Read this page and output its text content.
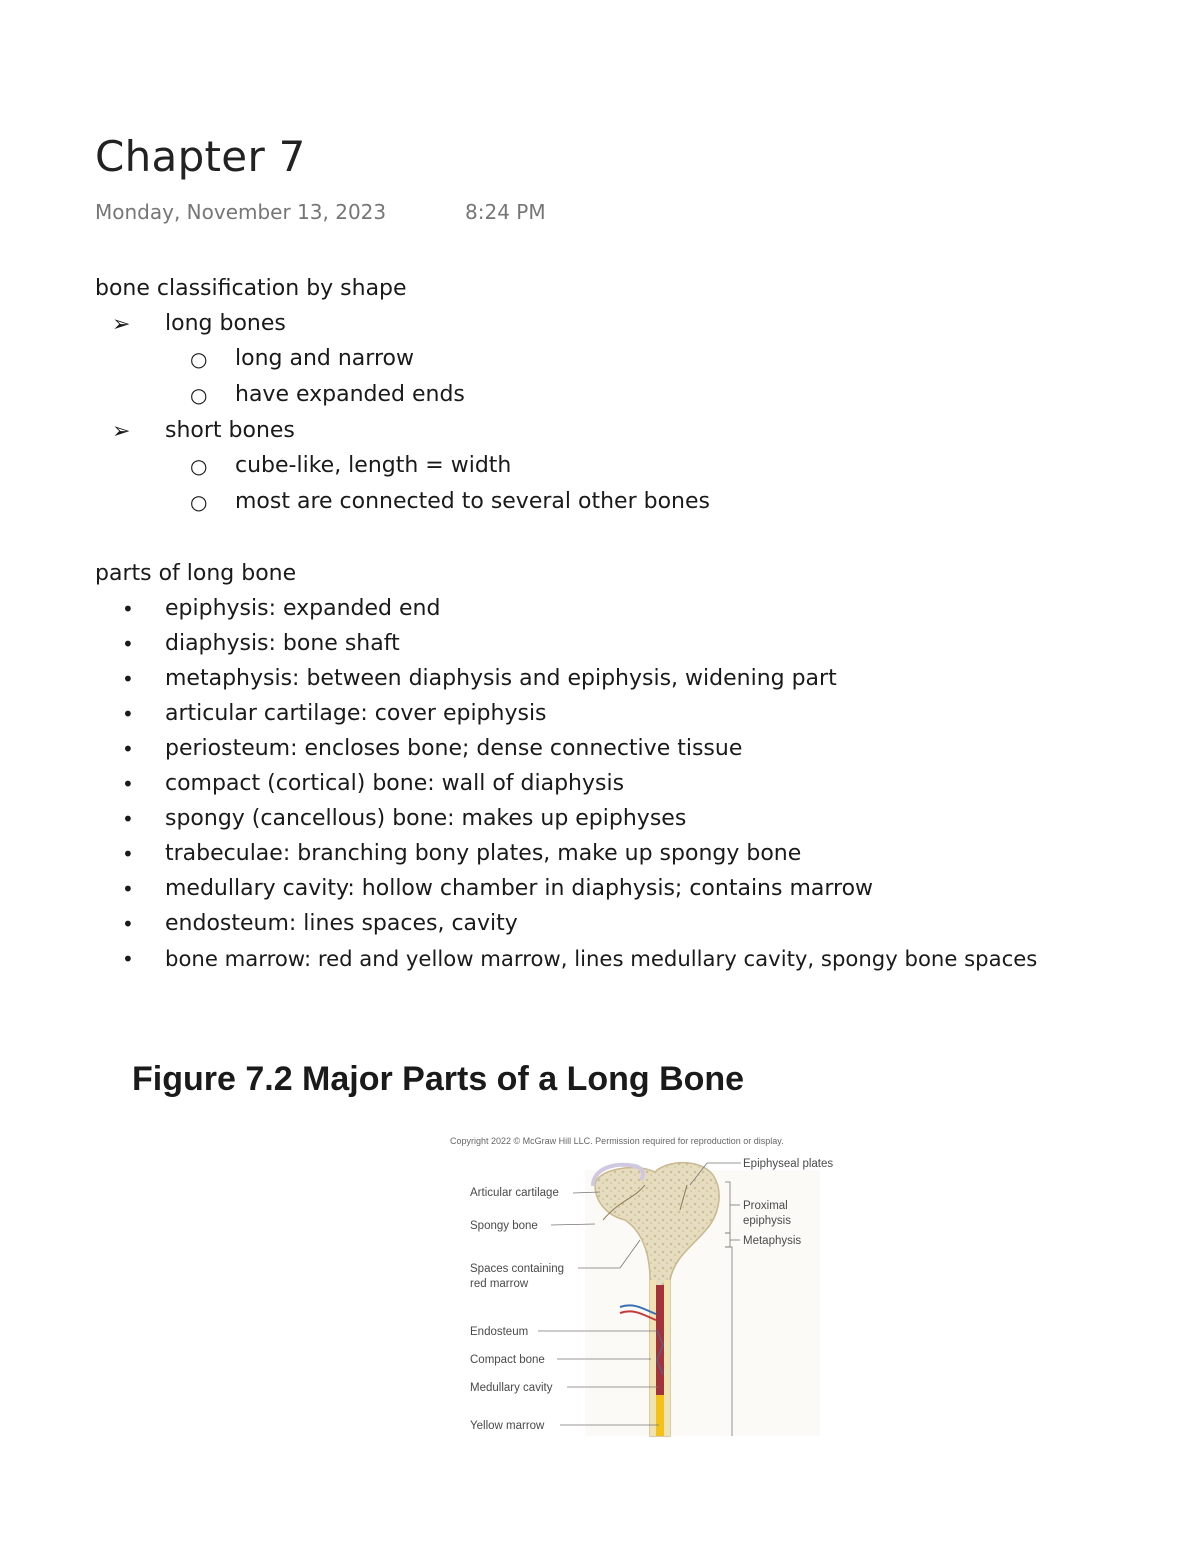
Chapter 7
Monday, November 13, 2023	8:24 PM

bone classification by shape

➢ long bones
○ long and narrow
○ have expanded ends
➢ short bones
○ cube-like, length = width
○ most are connected to several other bones

parts of long bone

• epiphysis: expanded end
• diaphysis: bone shaft
• metaphysis: between diaphysis and epiphysis, widening part
• articular cartilage: cover epiphysis
• periosteum: encloses bone; dense connective tissue
• compact (cortical) bone: wall of diaphysis
• spongy (cancellous) bone: makes up epiphyses
• trabeculae: branching bony plates, make up spongy bone
• medullary cavity: hollow chamber in diaphysis; contains marrow
• endosteum: lines spaces, cavity
• bone marrow: red and yellow marrow, lines medullary cavity, spongy bone spaces

Figure 7.2 Major Parts of a Long Bone

Copyright 2022 © McGraw Hill LLC. Permission required for reproduction or display.
Articular cartilage
Spongy bone
Spaces containing
red marrow
Endosteum
Compact bone
Medullary cavity
Yellow marrow
Epiphyseal plates
Proximal
epiphysis
Metaphysis
